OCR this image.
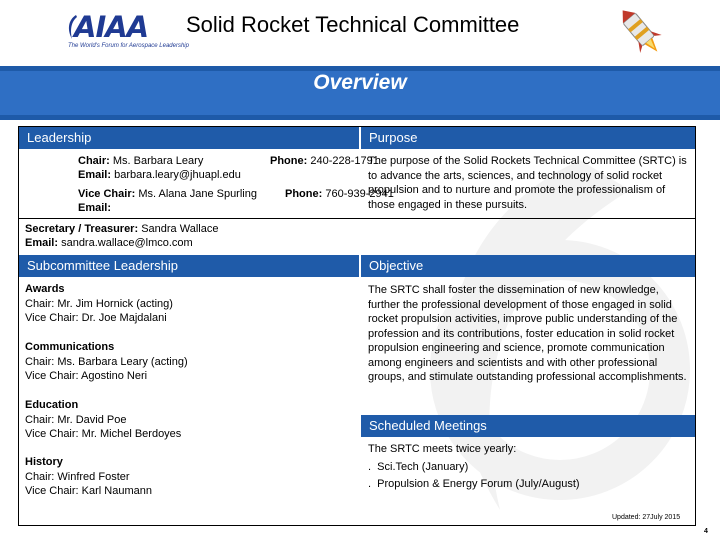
AIAA
The World's Forum for Aerospace Leadership
Solid Rocket Technical Committee
Overview
Leadership	Purpose
Chair: Ms. Barbara Leary	Phone: 240-228-1791
Email: barbara.leary@jhuapl.edu
Vice Chair: Ms. Alana Jane Spurling	Phone: 760-939-2941
Email:
Secretary / Treasurer: Sandra Wallace
Email: sandra.wallace@lmco.com
The purpose of the Solid Rockets Technical Committee (SRTC) is to advance the arts, sciences, and technology of solid rocket propulsion and to nurture and promote the professionalism of those engaged in these pursuits.
Subcommittee Leadership	Objective
Awards
Chair: Mr. Jim Hornick (acting)
Vice Chair: Dr. Joe Majdalani
Communications
Chair: Ms. Barbara Leary (acting)
Vice Chair: Agostino Neri
Education
Chair: Mr. David Poe
Vice Chair: Mr. Michel Berdoyes
History
Chair: Winfred Foster
Vice Chair: Karl Naumann
The SRTC shall foster the dissemination of new knowledge, further the professional development of those engaged in solid rocket propulsion activities, improve public understanding of the profession and its contributions, foster education in solid rocket propulsion engineering and science, promote communication among engineers and scientists and with other professional groups, and stimulate outstanding professional accomplishments.
Scheduled Meetings
The SRTC meets twice yearly:
.  Sci.Tech (January)
.  Propulsion & Energy Forum (July/August)
Updated: 27July 2015
4
